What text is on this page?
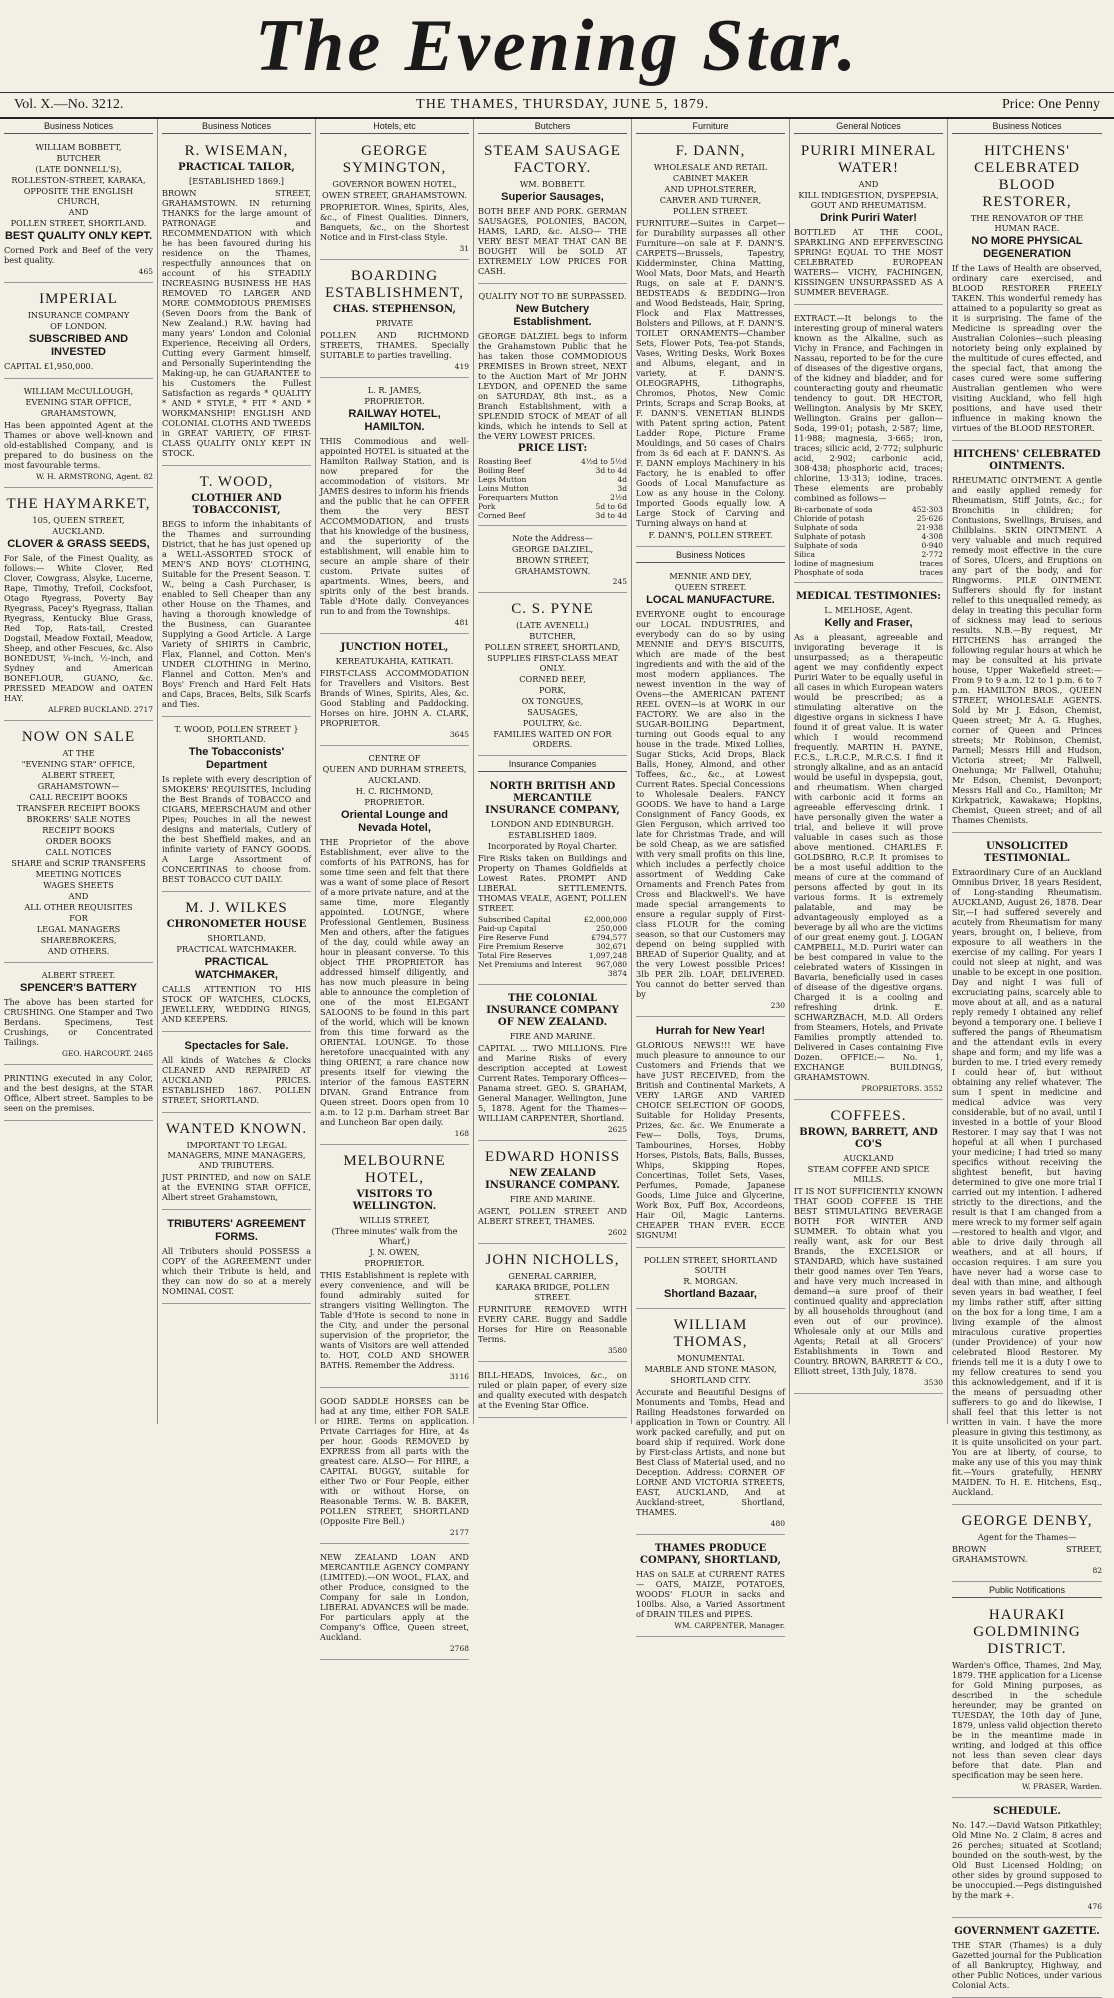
The Evening Star.
Vol. X.—No. 3212.	THE THAMES, THURSDAY, JUNE 5, 1879.	Price: One Penny
Business Notices
WILLIAM BOBBETT,
BUTCHER
(LATE DONNELL'S),
ROLLESTON-STREET, KARAKA,
OPPOSITE THE ENGLISH CHURCH,
AND
POLLEN STREET, SHORTLAND.
BEST QUALITY ONLY KEPT.
Corned Pork and Beef of the very best quality.
465
IMPERIAL
INSURANCE COMPANY
OF LONDON.
SUBSCRIBED AND INVESTED
CAPITAL £1,950,000.
WILLIAM McCULLOUGH,
EVENING STAR OFFICE,
GRAHAMSTOWN,
Has been appointed Agent at the Thames or above well-known and old-established Company, and is prepared to do business on the most favourable terms.
W. H. ARMSTRONG, Agent. 82
THE HAYMARKET,
105, QUEEN STREET,
AUCKLAND.
CLOVER & GRASS SEEDS,
For Sale, of the Finest Quality, as follows:— White Clover, Red Clover, Cowgrass, Alsyke, Lucerne, Rape, Timothy, Trefoil, Cocksfoot, Otago Ryegrass, Poverty Bay Ryegrass, Pacey's Ryegrass, Italian Ryegrass, Kentucky Blue Grass, Red Top, Rats-tail, Crested Dogstail, Meadow Foxtail, Meadow, Sheep, and other Fescues, &c. Also BONEDUST, ¼-inch, ½-inch, and Sydney and American BONEFLOUR, GUANO, &c. PRESSED MEADOW and OATEN HAY.
ALFRED BUCKLAND. 2717
NOW ON SALE
AT THE
"EVENING STAR" OFFICE,
ALBERT STREET,
GRAHAMSTOWN—
CALL RECEIPT BOOKS
TRANSFER RECEIPT BOOKS
BROKERS' SALE NOTES
RECEIPT BOOKS
ORDER BOOKS
CALL NOTICES
SHARE and SCRIP TRANSFERS
MEETING NOTICES
WAGES SHEETS
AND
ALL OTHER REQUISITES
FOR
LEGAL MANAGERS
SHAREBROKERS,
AND OTHERS.
ALBERT STREET.
SPENCER'S BATTERY
The above has been started for CRUSHING. One Stamper and Two Berdans. Specimens, Test Crushings, or Concentrated Tailings.
GEO. HARCOURT. 2465
PRINTING executed in any Color, and the best designs, at the STAR Office, Albert street. Samples to be seen on the premises.
Business Notices
R. WISEMAN,
PRACTICAL TAILOR,
[ESTABLISHED 1869.]
BROWN STREET, GRAHAMSTOWN. IN returning THANKS for the large amount of PATRONAGE and RECOMMENDATION with which he has been favoured during his residence on the Thames, respectfully announces that on account of his STEADILY INCREASING BUSINESS HE HAS REMOVED TO LARGER AND MORE COMMODIOUS PREMISES (Seven Doors from the Bank of New Zealand.) R.W. having had many years' London and Colonial Experience, Receiving all Orders, Cutting every Garment himself, and Personally Superintending the Making-up, he can GUARANTEE to his Customers the Fullest Satisfaction as regards * QUALITY * AND * STYLE, * FIT * AND * WORKMANSHIP! ENGLISH AND COLONIAL CLOTHS AND TWEEDS in GREAT VARIETY, OF FIRST-CLASS QUALITY ONLY KEPT IN STOCK.
T. WOOD,
CLOTHIER AND TOBACCONIST,
BEGS to inform the inhabitants of the Thames and surrounding District, that he has just opened up a WELL-ASSORTED STOCK of MEN'S AND BOYS' CLOTHING, Suitable for the Present Season. T. W., being a Cash Purchaser, is enabled to Sell Cheaper than any other House on the Thames, and having a thorough knowledge of the Business, can Guarantee Supplying a Good Article. A Large Variety of SHIRTS in Cambric, Flax, Flannel, and Cotton. Men's UNDER CLOTHING in Merino, Flannel and Cotton. Men's and Boys' French and Hard Felt Hats and Caps, Braces, Belts, Silk Scarfs and Ties.
T. WOOD, POLLEN STREET } SHORTLAND.
The Tobacconists' Department
Is replete with every description of SMOKERS' REQUISITES, Including the Best Brands of TOBACCO and CIGARS, MEERSCHAUM and other Pipes; Pouches in all the newest designs and materials, Cutlery of the best Sheffield makes, and an infinite variety of FANCY GOODS. A Large Assortment of CONCERTINAS to choose from. BEST TOBACCO CUT DAILY.
M. J. WILKES
CHRONOMETER HOUSE
SHORTLAND.
PRACTICAL WATCHMAKER.
PRACTICAL WATCHMAKER,
CALLS ATTENTION TO HIS STOCK OF WATCHES, CLOCKS, JEWELLERY, WEDDING RINGS, AND KEEPERS.
Spectacles for Sale.
All kinds of Watches & Clocks CLEANED AND REPAIRED AT AUCKLAND PRICES. ESTABLISHED 1867. POLLEN STREET, SHORTLAND.
WANTED KNOWN.
IMPORTANT TO LEGAL MANAGERS, MINE MANAGERS, AND TRIBUTERS.
JUST PRINTED, and now on SALE at the EVENING STAR OFFICE, Albert street Grahamstown,
TRIBUTERS' AGREEMENT FORMS.
All Tributers should POSSESS a COPY of the AGREEMENT under which their Tribute is held, and they can now do so at a merely NOMINAL COST.
Hotels, etc
GEORGE SYMINGTON,
GOVERNOR BOWEN HOTEL,
OWEN STREET, GRAHAMSTOWN.
PROPRIETOR. Wines, Spirits, Ales, &c., of Finest Qualities. Dinners, Banquets, &c., on the Shortest Notice and in First-class Style.
31
BOARDING ESTABLISHMENT,
CHAS. STEPHENSON,
PRIVATE
POLLEN AND RICHMOND STREETS, THAMES. Specially SUITABLE to parties travelling.
419
L. R. JAMES,
PROPRIETOR.
RAILWAY HOTEL, HAMILTON.
THIS Commodious and well-appointed HOTEL is situated at the Hamilton Railway Station, and is now prepared for the accommodation of visitors. Mr JAMES desires to inform his friends and the public that he can OFFER them the very BEST ACCOMMODATION, and trusts that his knowledge of the business, and the superiority of the establishment, will enable him to secure an ample share of their custom. Private suites of apartments. Wines, beers, and spirits only of the best brands. Table d'Hote daily. Conveyances run to and from the Townships.
481
JUNCTION HOTEL,
KEREATUKAHIA, KATIKATI.
FIRST-CLASS ACCOMMODATION for Travellers and Visitors. Best Brands of Wines, Spirits, Ales, &c. Good Stabling and Paddocking. Horses on hire. JOHN A. CLARK, PROPRIETOR.
3645
CENTRE OF
QUEEN AND DURHAM STREETS,
AUCKLAND.
H. C. RICHMOND,
PROPRIETOR.
Oriental Lounge and Nevada Hotel,
THE Proprietor of the above Establishment, ever alive to the comforts of his PATRONS, has for some time seen and felt that there was a want of some place of Resort of a more private nature, and at the same time, more Elegantly appointed. LOUNGE, where Professional Gentlemen, Business Men and others, after the fatigues of the day, could while away an hour in pleasant converse. To this object THE PROPRIETOR has addressed himself diligently, and has now much pleasure in being able to announce the completion of one of the most ELEGANT SALOONS to be found in this part of the world, which will be known from this time forward as the ORIENTAL LOUNGE. To those heretofore unacquainted with any thing ORIENT, a rare chance now presents itself for viewing the interior of the famous EASTERN DIVAN. Grand Entrance from Queen street. Doors open from 10 a.m. to 12 p.m. Darham street Bar and Luncheon Bar open daily.
168
MELBOURNE HOTEL,
VISITORS TO WELLINGTON.
WILLIS STREET,
(Three minutes' walk from the Wharf,)
J. N. OWEN,
PROPRIETOR.
THIS Establishment is replete with every convenience, and will be found admirably suited for strangers visiting Wellington. The Table d'Hote is second to none in the City, and under the personal supervision of the proprietor, the wants of Visitors are well attended to. HOT, COLD AND SHOWER BATHS. Remember the Address.
3116
GOOD SADDLE HORSES can be had at any time, either FOR SALE or HIRE. Terms on application. Private Carriages for Hire, at 4s per hour. Goods REMOVED by EXPRESS from all parts with the greatest care. ALSO— For HIRE, a CAPITAL BUGGY, suitable for either Two or Four People, either with or without Horse, on Reasonable Terms. W. B. BAKER, POLLEN STREET, SHORTLAND (Opposite Fire Bell.)
2177
NEW ZEALAND LOAN AND MERCANTILE AGENCY COMPANY (LIMITED).—ON WOOL, FLAX, and other Produce, consigned to the Company for sale in London, LIBERAL ADVANCES will be made. For particulars apply at the Company's Office, Queen street, Auckland.
2768
Butchers
STEAM SAUSAGE FACTORY.
WM. BOBBETT.
Superior Sausages,
BOTH BEEF AND PORK. GERMAN SAUSAGES, POLONIES, BACON, HAMS, LARD, &c. ALSO— THE VERY BEST MEAT THAT CAN BE BOUGHT Will be SOLD AT EXTREMELY LOW PRICES FOR CASH.
QUALITY NOT TO BE SURPASSED.
New Butchery Establishment.
GEORGE DALZIEL begs to inform the Grahamstown Public that he has taken those COMMODIOUS PREMISES in Brown street, NEXT to the Auction Mart of Mr JOHN LEYDON, and OPENED the same on SATURDAY, 8th inst., as a Branch Establishment, with a SPLENDID STOCK of MEAT of all kinds, which he intends to Sell at the VERY LOWEST PRICES.
PRICE LIST:
Roasting Beef	4½d to 5½d
Boiling Beef	3d to 4d
Legs Mutton	4d
Loins Mutton	3d
Forequarters Mutton	2½d
Pork	5d to 6d
Corned Beef	3d to 4d
Note the Address—
GEORGE DALZIEL,
BROWN STREET,
GRAHAMSTOWN.
245
C. S. PYNE
(LATE AVENELL)
BUTCHER,
POLLEN STREET, SHORTLAND,
SUPPLIES FIRST-CLASS MEAT ONLY.
CORNED BEEF,
PORK,
OX TONGUES,
SAUSAGES,
POULTRY, &c.
FAMILIES WAITED ON FOR ORDERS.
Insurance Companies
NORTH BRITISH AND MERCANTILE INSURANCE COMPANY,
LONDON AND EDINBURGH.
ESTABLISHED 1809.
Incorporated by Royal Charter.
Fire Risks taken on Buildings and Property on Thames Goldfields at Lowest Rates. PROMPT AND LIBERAL SETTLEMENTS. THOMAS VEALE, AGENT, POLLEN STREET.
Subscribed Capital	£2,000,000
Paid-up Capital	250,000
Fire Reserve Fund	£794,577
Fire Premium Reserve	302,671
Total Fire Reserves	1,097,248
Net Premiums and Interest 967,080
3874
THE COLONIAL INSURANCE COMPANY OF NEW ZEALAND.
FIRE AND MARINE.
CAPITAL ... TWO MILLIONS. Fire and Marine Risks of every description accepted at Lowest Current Rates. Temporary Offices—Panama street. GEO. S. GRAHAM, General Manager. Wellington, June 5, 1878. Agent for the Thames— WILLIAM CARPENTER, Shortland.
2625
EDWARD HONISS
NEW ZEALAND INSURANCE COMPANY.
FIRE AND MARINE.
AGENT, POLLEN STREET AND ALBERT STREET, THAMES.
2602
JOHN NICHOLLS,
GENERAL CARRIER,
KARAKA BRIDGE, POLLEN STREET.
FURNITURE REMOVED WITH EVERY CARE. Buggy and Saddle Horses for Hire on Reasonable Terms.
3580
BILL-HEADS, Invoices, &c., on ruled or plain paper, of every size and quality executed with despatch at the Evening Star Office.
Furniture
F. DANN,
WHOLESALE AND RETAIL
CABINET MAKER
AND UPHOLSTERER,
CARVER AND TURNER,
POLLEN STREET.
FURNITURE—Suites in Carpet—for Durability surpasses all other Furniture—on sale at F. DANN'S. CARPETS—Brussels, Tapestry, Kidderminster, China Matting, Wool Mats, Door Mats, and Hearth Rugs, on sale at F. DANN'S. BEDSTEADS & BEDDING—Iron and Wood Bedsteads, Hair, Spring, Flock and Flax Mattresses, Bolsters and Pillows, at F. DANN'S. TOILET ORNAMENTS—Chamber Sets, Flower Pots, Tea-pot Stands, Vases, Writing Desks, Work Boxes and Albums, elegant, and in variety, at F. DANN'S. OLEOGRAPHS, Lithographs, Chromos, Photos, New Comic Prints, Scraps and Scrap Books, at F. DANN'S. VENETIAN BLINDS with Patent spring action, Patent Ladder Rope, Picture Frame Mouldings, and 50 cases of Chairs from 3s 6d each at F. DANN'S. As F. DANN employs Machinery in his Factory, he is enabled to offer Goods of Local Manufacture as Low as any house in the Colony. Imported Goods equally low. A Large Stock of Carving and Turning always on hand at
F. DANN'S, POLLEN STREET.
Business Notices
MENNIE AND DEY,
QUEEN STREET.
LOCAL MANUFACTURE.
EVERYONE ought to encourage our LOCAL INDUSTRIES, and everybody can do so by using MENNIE and DEY'S BISCUITS, which are made of the best ingredients and with the aid of the most modern appliances. The newest invention in the way of Ovens—the AMERICAN PATENT REEL OVEN—is at WORK in our FACTORY. We are also in the SUGAR-BOILING Department, turning out Goods equal to any house in the trade. Mixed Lollies, Sugar Sticks, Acid Drops, Black Balls, Honey, Almond, and other Toffees, &c., &c., at Lowest Current Rates. Special Concessions to Wholesale Dealers. FANCY GOODS. We have to hand a Large Consignment of Fancy Goods, ex Glen Ferguson, which arrived too late for Christmas Trade, and will be sold Cheap, as we are satisfied with very small profits on this line, which includes a perfectly choice assortment of Wedding Cake Ornaments and French Pates from Cross and Blackwell's. We have made special arrangements to ensure a regular supply of First-class FLOUR for the coming season, so that our Customers may depend on being supplied with BREAD of Superior Quality, and at the very Lowest possible Prices! 3lb PER 2lb. LOAF, DELIVERED. You cannot do better served than by
230
Hurrah for New Year!
GLORIOUS NEWS!!! WE have much pleasure to announce to our Customers and Friends that we have JUST RECEIVED, from the British and Continental Markets, A VERY LARGE AND VARIED CHOICE SELECTION OF GOODS, Suitable for Holiday Presents, Prizes, &c. &c. We Enumerate a Few— Dolls, Toys, Drums, Tambourines, Horses, Hobby Horses, Pistols, Bats, Balls, Busses, Whips, Skipping Ropes, Concertinas, Toilet Sets, Vases, Perfumes, Pomade, Japanese Goods, Lime Juice and Glycerine, Work Box, Puff Box, Accordeons, Hair Oil, Magic Lanterns. CHEAPER THAN EVER. ECCE SIGNUM!
POLLEN STREET, SHORTLAND SOUTH
R. MORGAN.
Shortland Bazaar,
WILLIAM THOMAS,
MONUMENTAL
MARBLE AND STONE MASON,
SHORTLAND CITY.
Accurate and Beautiful Designs of Monuments and Tombs, Head and Railing Headstones forwarded on application in Town or Country. All work packed carefully, and put on board ship if required. Work done by First-class Artists, and none but Best Class of Material used, and no Deception. Address: CORNER OF LORNE AND VICTORIA STREETS, EAST, AUCKLAND, And at Auckland-street, Shortland, THAMES.
480
THAMES PRODUCE COMPANY, SHORTLAND,
HAS on SALE at CURRENT RATES— OATS, MAIZE, POTATOES, WOODS' FLOUR in sacks and 100lbs. Also, a Varied Assortment of DRAIN TILES and PIPES.
WM. CARPENTER, Manager.
General Notices
PURIRI MINERAL WATER!
AND
KILL INDIGESTION, DYSPEPSIA, GOUT AND RHEUMATISM.
Drink Puriri Water!
BOTTLED AT THE COOL, SPARKLING AND EFFERVESCING SPRING! EQUAL TO THE MOST CELEBRATED EUROPEAN WATERS— VICHY, FACHINGEN, KISSINGEN UNSURPASSED AS A SUMMER BEVERAGE.
EXTRACT.—It belongs to the interesting group of mineral waters known as the Alkaline, such as Vichy in France, and Fachingen in Nassau, reported to be for the cure of diseases of the digestive organs, of the kidney and bladder, and for counteracting gouty and rheumatic tendency to gout. DR HECTOR, Wellington. Analysis by Mr SKEY, Wellington. Grains per gallon—Soda, 199·01; potash, 2·587; lime, 11·988; magnesia, 3·665; iron, traces; silicic acid, 2·772; sulphuric acid, 2·902; carbonic acid, 308·438; phosphoric acid, traces; chlorine, 13·313; iodine, traces. These elements are probably combined as follows—
Bi-carbonate of soda	452·303
Chloride of potash	25·626
Sulphate of soda	21·938
Sulphate of potash	4·308
Sulphate of soda	0·940
Silica	2·772
Iodine of magnesium	traces
Phosphate of soda	traces
MEDICAL TESTIMONIES:
L. MELHOSE, Agent.
Kelly and Fraser,
As a pleasant, agreeable and invigorating beverage it is unsurpassed; as a therapeutic agent we may confidently expect Puriri Water to be equally useful in all cases in which European waters would be prescribed; as a stimulating alterative on the digestive organs in sickness I have found it of great value. It is water which I would recommend frequently. MARTIN H. PAYNE, F.C.S., L.R.C.P., M.R.C.S. I find it strongly alkaline, and as an antacid would be useful in dyspepsia, gout, and rheumatism. When charged with carbonic acid it forms an agreeable effervescing drink. I have personally given the water a trial, and believe it will prove valuable in cases such as those above mentioned. CHARLES F. GOLDSBRO, R.C.P. It promises to be a most useful addition to the means of cure at the command of persons affected by gout in its various forms. It is extremely palatable, and may be advantageously employed as a beverage by all who are the victims of our great enemy gout. J. LOGAN CAMPBELL, M.D. Puriri water can be best compared in value to the celebrated waters of Kissingen in Bavaria, beneficially used in cases of disease of the digestive organs. Charged it is a cooling and refreshing drink. E. SCHWARZBACH, M.D. All Orders from Steamers, Hotels, and Private Families promptly attended to. Delivered in Cases containing Five Dozen. OFFICE:— No. 1, EXCHANGE BUILDINGS, GRAHAMSTOWN.
PROPRIETORS. 3552
COFFEES.
BROWN, BARRETT, AND CO'S
AUCKLAND
STEAM COFFEE AND SPICE MILLS.
IT IS NOT SUFFICIENTLY KNOWN THAT GOOD COFFEE IS THE BEST STIMULATING BEVERAGE BOTH FOR WINTER AND SUMMER. To obtain what you really want, ask for our Best Brands, the EXCELSIOR or STANDARD, which have sustained their good names over Ten Years, and have very much increased in demand—a sure proof of their continued quality and appreciation by all households throughout (and even out of our province). Wholesale only at our Mills and Agents; Retail at all Grocers' Establishments in Town and Country. BROWN, BARRETT & CO., Elliott street, 13th July, 1878.
3530
Business Notices
HITCHENS' CELEBRATED BLOOD RESTORER,
THE RENOVATOR OF THE HUMAN RACE.
NO MORE PHYSICAL DEGENERATION
If the Laws of Health are observed, ordinary care exercised, and BLOOD RESTORER FREELY TAKEN. This wonderful remedy has attained to a popularity so great as it is surprising. The fame of the Medicine is spreading over the Australian Colonies—such pleasing notoriety being only explained by the multitude of cures effected, and the special fact, that among the cases cured were some suffering Australian gentlemen who were visiting Auckland, who fell high positions, and have used their influence in making known the virtues of the BLOOD RESTORER.
HITCHENS' CELEBRATED OINTMENTS.
RHEUMATIC OINTMENT. A gentle and easily applied remedy for Rheumatism, Stiff Joints, &c.; for Bronchitis in children; for Contusions, Swellings, Bruises, and Chilblains. SKIN OINTMENT. A very valuable and much required remedy most effective in the cure of Sores, Ulcers, and Eruptions on any part of the body, and for Ringworms. PILE OINTMENT. Sufferers should fly for instant relief to this unequalled remedy, as delay in treating this peculiar form of sickness may lead to serious results. N.B.—By request, Mr HITCHENS has arranged the following regular hours at which he may be consulted at his private house, Upper Wakefield street:— From 9 to 9 a.m. 12 to 1 p.m. 6 to 7 p.m. HAMILTON BROS., QUEEN STREET, WHOLESALE AGENTS. Sold by Mr J. Edson, Chemist, Queen street; Mr A. G. Hughes, corner of Queen and Princes streets; Mr Robinson, Chemist, Parnell; Messrs Hill and Hudson, Victoria street; Mr Fallwell, Onehunga; Mr Fallwell, Otahuhu; Mr Edson, Chemist, Devonport; Messrs Hall and Co., Hamilton; Mr Kirkpatrick, Kawakawa; Hopkins, Chemist, Queen street; and of all Thames Chemists.
UNSOLICITED TESTIMONIAL.
Extraordinary Cure of an Auckland Omnibus Driver, 18 years Resident, of Long-standing Rheumatism. AUCKLAND, August 26, 1878. Dear Sir,—I had suffered severely and acutely from Rheumatism for many years, brought on, I believe, from exposure to all weathers in the exercise of my calling. For years I could not sleep at night, and was unable to be except in one position. Day and night I was full of excruciating pains, scarcely able to move about at all, and as a natural reply remedy I obtained any relief beyond a temporary one. I believe I suffered the pangs of Rheumatism and the attendant evils in every shape and form; and my life was a burden to me. I tried every remedy I could hear of, but without obtaining any relief whatever. The sum I spent in medicine and medical advice was very considerable, but of no avail, until I invested in a bottle of your Blood Restorer. I may say that I was not hopeful at all when I purchased your medicine; I had tried so many specifics without receiving the slightest benefit, but having determined to give one more trial I carried out my intention. I adhered strictly to the directions, and the result is that I am changed from a mere wreck to my former self again—restored to health and vigor, and able to drive daily through all weathers, and at all hours, if occasion requires. I am sure you have never had a worse case to deal with than mine, and although seven years in bad weather, I feel my limbs rather stiff, after sitting on the box for a long time, I am a living example of the almost miraculous curative properties (under Providence) of your now celebrated Blood Restorer. My friends tell me it is a duty I owe to my fellow creatures to send you this acknowledgement, and if it is the means of persuading other sufferers to go and do likewise, I shall feel that this letter is not written in vain. I have the more pleasure in giving this testimony, as it is quite unsolicited on your part. You are at liberty, of course, to make any use of this you may think fit.—Yours gratefully, HENRY MAIDEN. To H. E. Hitchens, Esq., Auckland.
GEORGE DENBY,
Agent for the Thames—
BROWN STREET, GRAHAMSTOWN.
82
Public Notifications
HAURAKI GOLDMINING DISTRICT.
Warden's Office, Thames, 2nd May, 1879. THE application for a License for Gold Mining purposes, as described in the schedule hereunder, may be granted on TUESDAY, the 10th day of June, 1879, unless valid objection thereto be in the meantime made in writing, and lodged at this office not less than seven clear days before that date. Plan and specification may be seen here.
W. FRASER, Warden.
SCHEDULE.
No. 147.—David Watson Pitkathley; Old Mine No. 2 Claim, 8 acres and 26 perches; situated at Scotland; bounded on the south-west, by the Old Bust Licensed Holding; on other sides by ground supposed to be unoccupied.—Pegs distinguished by the mark +.
476
GOVERNMENT GAZETTE.
THE STAR (Thames) is a duly Gazetted journal for the Publication of all Bankruptcy, Highway, and other Public Notices, under various Colonial Acts.
